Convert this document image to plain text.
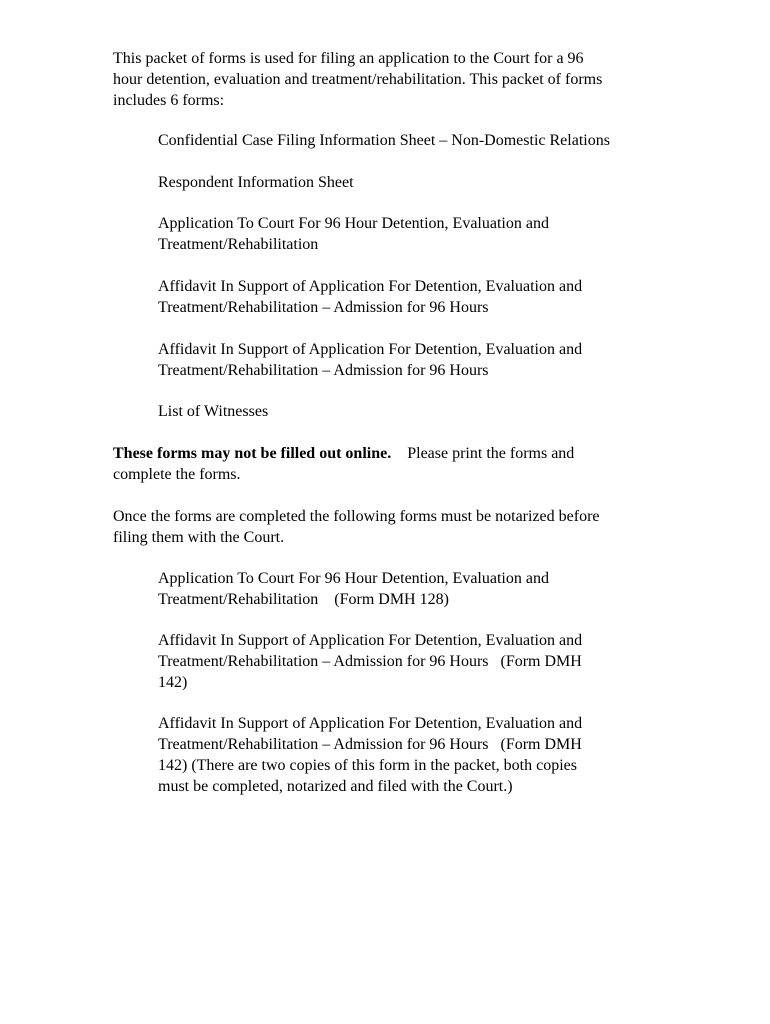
This packet of forms is used for filing an application to the Court for a 96
hour detention, evaluation and treatment/rehabilitation. This packet of forms
includes 6 forms:

Confidential Case Filing Information Sheet – Non-Domestic Relations

Respondent Information Sheet

Application To Court For 96 Hour Detention, Evaluation and
Treatment/Rehabilitation

Affidavit In Support of Application For Detention, Evaluation and
Treatment/Rehabilitation – Admission for 96 Hours

Affidavit In Support of Application For Detention, Evaluation and
Treatment/Rehabilitation – Admission for 96 Hours

List of Witnesses

These forms may not be filled out online.    Please print the forms and
complete the forms.

Once the forms are completed the following forms must be notarized before
filing them with the Court.

Application To Court For 96 Hour Detention, Evaluation and
Treatment/Rehabilitation    (Form DMH 128)

Affidavit In Support of Application For Detention, Evaluation and
Treatment/Rehabilitation – Admission for 96 Hours   (Form DMH
142)

Affidavit In Support of Application For Detention, Evaluation and
Treatment/Rehabilitation – Admission for 96 Hours   (Form DMH
142) (There are two copies of this form in the packet, both copies
must be completed, notarized and filed with the Court.)
